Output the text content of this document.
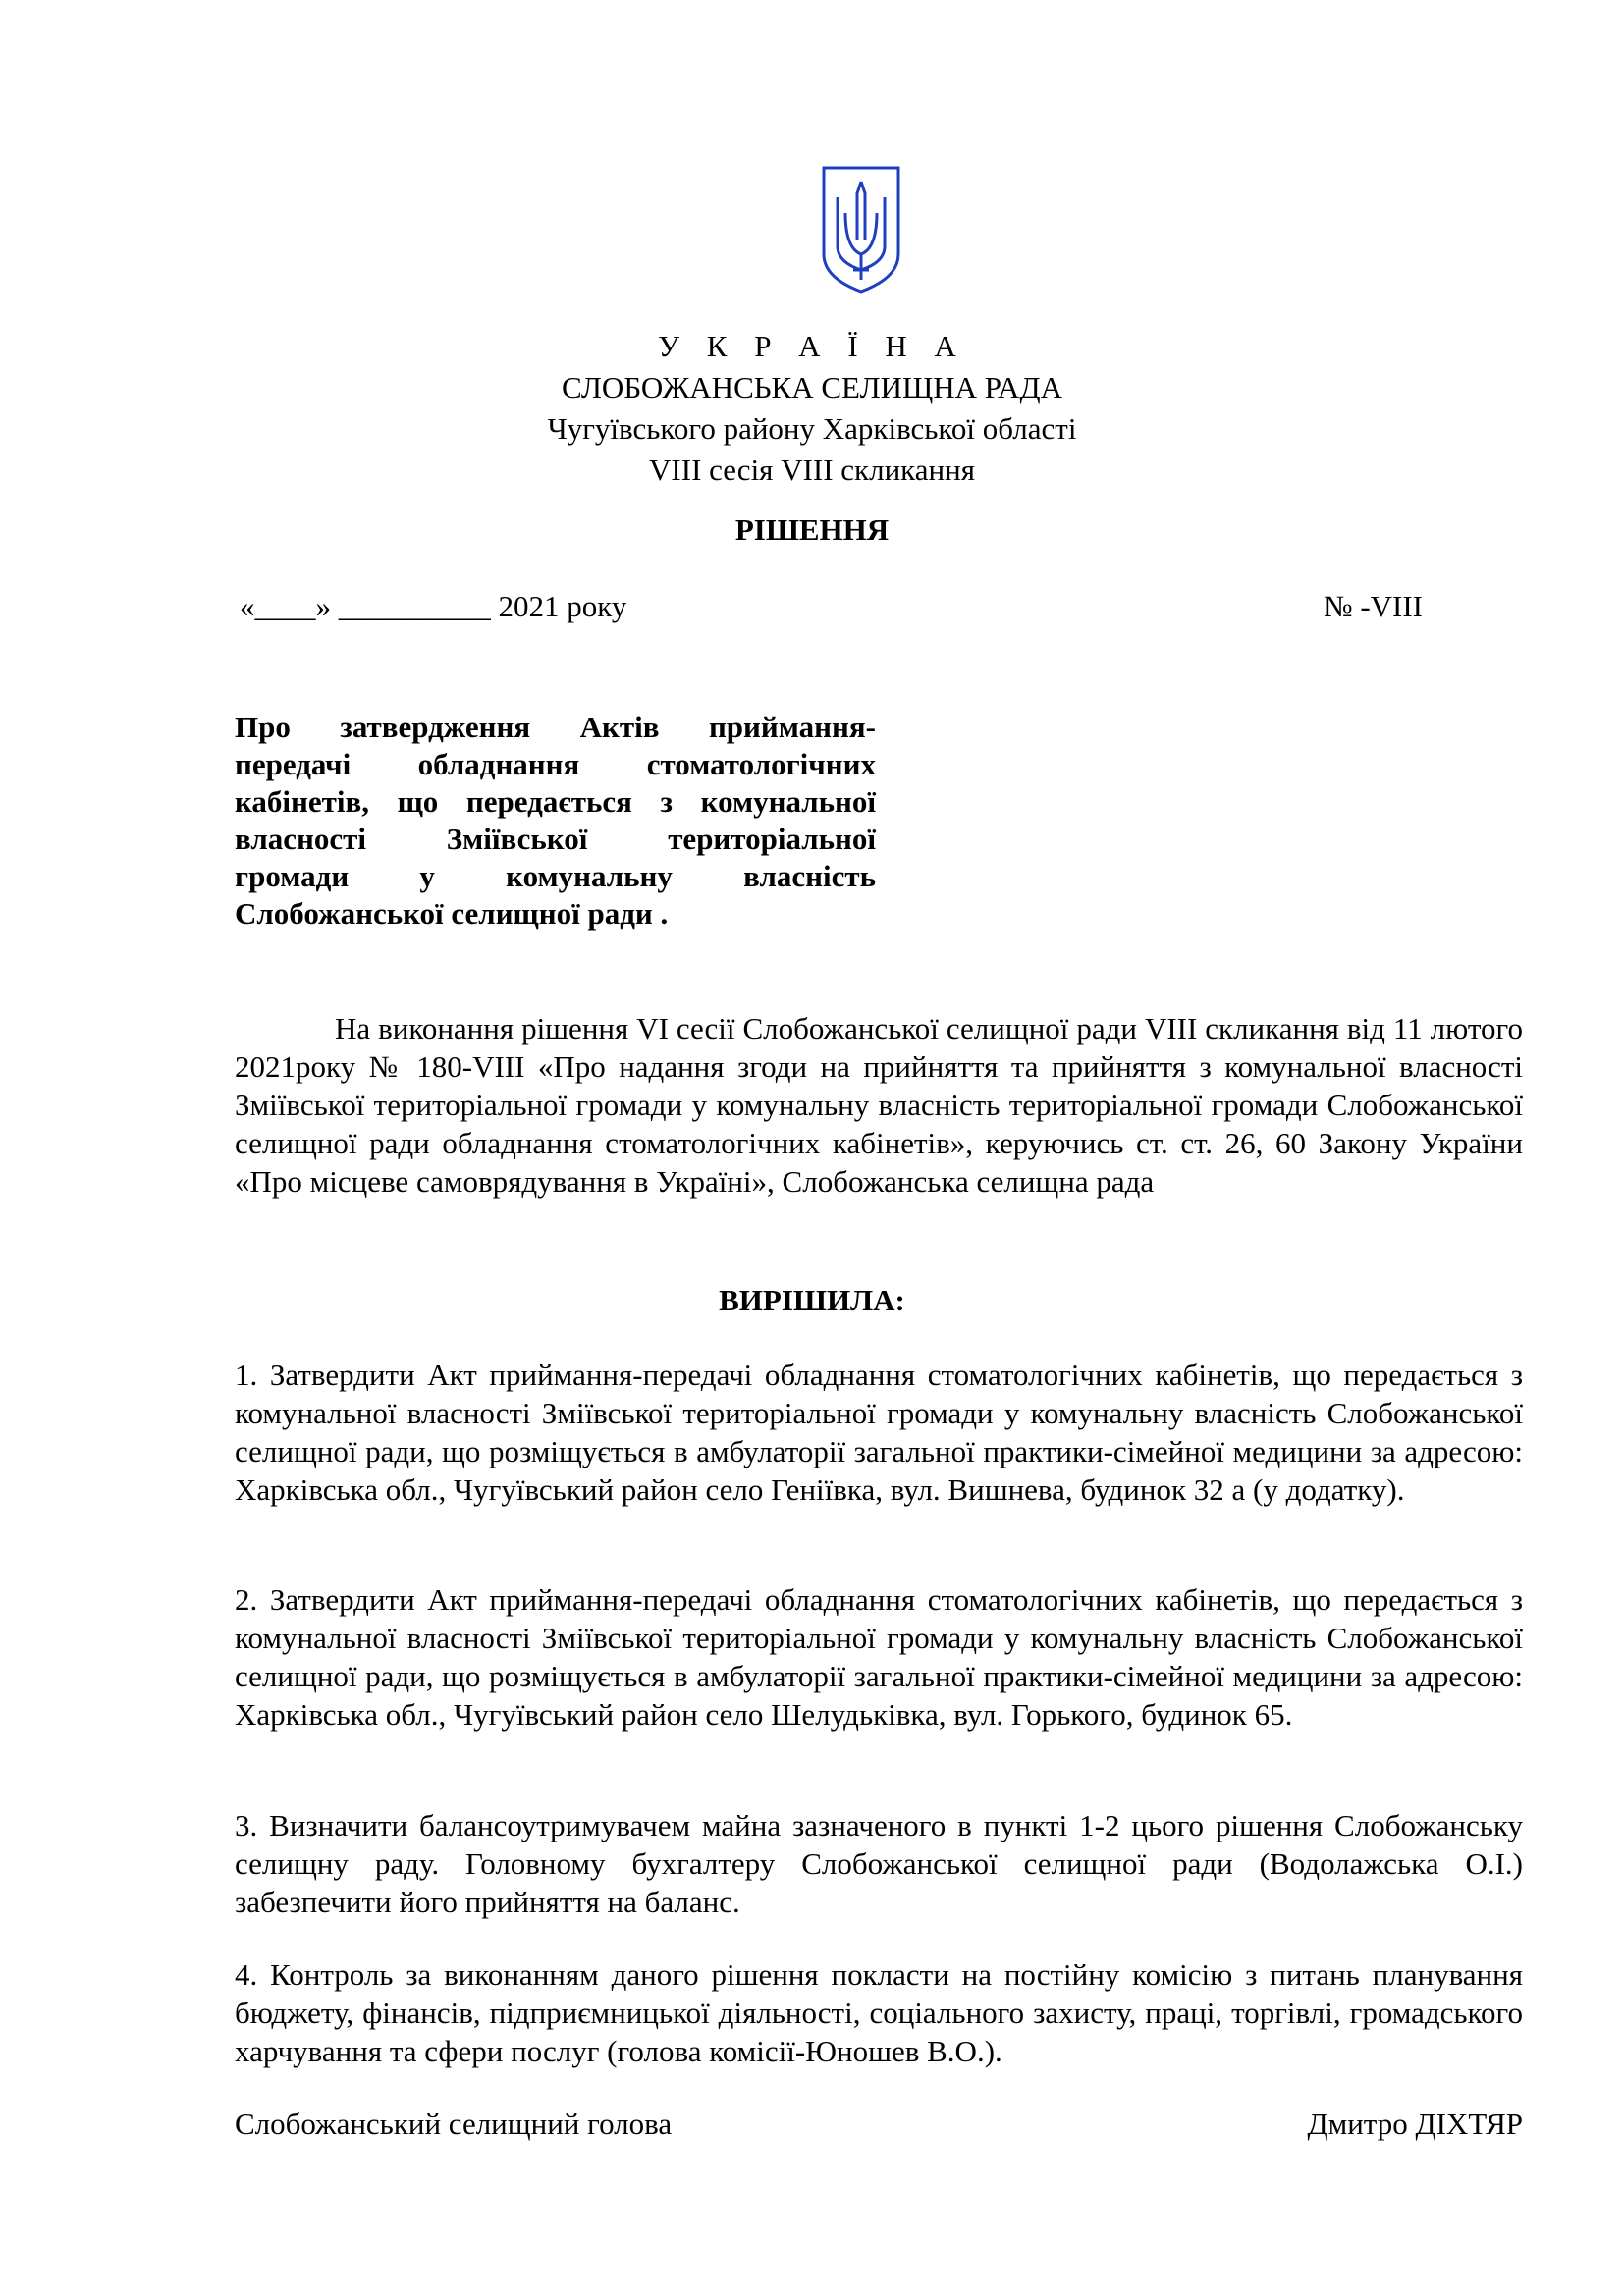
У К Р А Ї Н А
СЛОБОЖАНСЬКА СЕЛИЩНА РАДА
Чугуївського району Харківської області
VIII сесія VIII скликання
РІШЕННЯ
«____» __________ 2021 року	№ -VIII
Про затвердження Актів приймання-
передачі обладнання стоматологічних
кабінетів, що передається з комунальної
власності Зміївської територіальної
громади у комунальну власність
Слобожанської селищної ради .
На виконання рішення VI сесії Слобожанської селищної ради VIII скликання від 11 лютого 2021року № 180-VIII «Про надання згоди на прийняття та прийняття з комунальної власності Зміївської територіальної громади у комунальну власність територіальної громади Слобожанської селищної ради обладнання стоматологічних кабінетів», керуючись ст. ст. 26, 60 Закону України «Про місцеве самоврядування в Україні», Слобожанська селищна рада
ВИРІШИЛА:
1. Затвердити Акт приймання-передачі обладнання стоматологічних кабінетів, що передається з комунальної власності Зміївської територіальної громади у комунальну власність Слобожанської селищної ради, що розміщується в амбулаторії загальної практики-сімейної медицини за адресою: Харківська обл., Чугуївський район село Геніївка, вул. Вишнева, будинок 32 а (у додатку).
2. Затвердити Акт приймання-передачі обладнання стоматологічних кабінетів, що передається з комунальної власності Зміївської територіальної громади у комунальну власність Слобожанської селищної ради, що розміщується в амбулаторії загальної практики-сімейної медицини за адресою: Харківська обл., Чугуївський район село Шелудьківка, вул. Горького, будинок 65.
3. Визначити балансоутримувачем майна зазначеного в пункті 1-2 цього рішення Слобожанську селищну раду. Головному бухгалтеру Слобожанської селищної ради (Водолажська О.І.) забезпечити його прийняття на баланс.
4. Контроль за виконанням даного рішення покласти на постійну комісію з питань планування бюджету, фінансів, підприємницької діяльності, соціального захисту, праці, торгівлі, громадського харчування та сфери послуг (голова комісії-Юношев В.О.).
Слобожанський селищний голова	Дмитро ДІХТЯР
